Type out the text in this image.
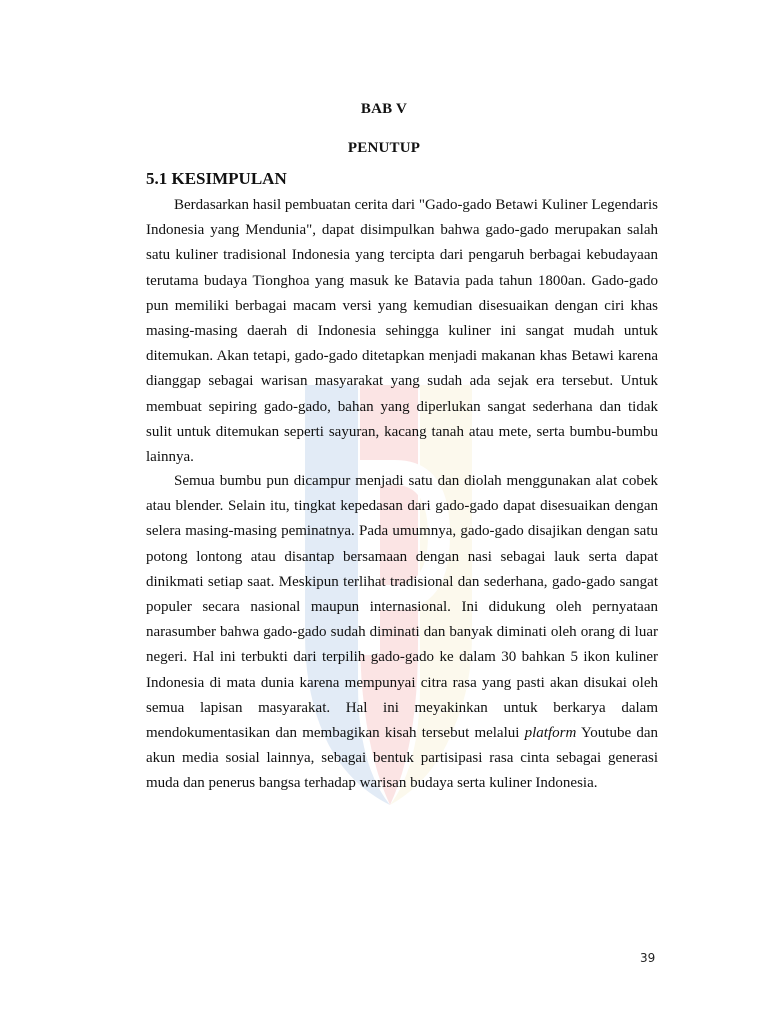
BAB V
PENUTUP
5.1 KESIMPULAN

Berdasarkan hasil pembuatan cerita dari "Gado-gado Betawi Kuliner Legendaris Indonesia yang Mendunia", dapat disimpulkan bahwa gado-gado merupakan salah satu kuliner tradisional Indonesia yang tercipta dari pengaruh berbagai kebudayaan terutama budaya Tionghoa yang masuk ke Batavia pada tahun 1800an. Gado-gado pun memiliki berbagai macam versi yang kemudian disesuaikan dengan ciri khas masing-masing daerah di Indonesia sehingga kuliner ini sangat mudah untuk ditemukan. Akan tetapi, gado-gado ditetapkan menjadi makanan khas Betawi karena dianggap sebagai warisan masyarakat yang sudah ada sejak era tersebut. Untuk membuat sepiring gado-gado, bahan yang diperlukan sangat sederhana dan tidak sulit untuk ditemukan seperti sayuran, kacang tanah atau mete, serta bumbu-bumbu lainnya.

Semua bumbu pun dicampur menjadi satu dan diolah menggunakan alat cobek atau blender. Selain itu, tingkat kepedasan dari gado-gado dapat disesuaikan dengan selera masing-masing peminatnya. Pada umumnya, gado-gado disajikan dengan satu potong lontong atau disantap bersamaan dengan nasi sebagai lauk serta dapat dinikmati setiap saat. Meskipun terlihat tradisional dan sederhana, gado-gado sangat populer secara nasional maupun internasional. Ini didukung oleh pernyataan narasumber bahwa gado-gado sudah diminati dan banyak diminati oleh orang di luar negeri. Hal ini terbukti dari terpilih gado-gado ke dalam 30 bahkan 5 ikon kuliner Indonesia di mata dunia karena mempunyai citra rasa yang pasti akan disukai oleh semua lapisan masyarakat. Hal ini meyakinkan untuk berkarya dalam mendokumentasikan dan membagikan kisah tersebut melalui platform Youtube dan akun media sosial lainnya, sebagai bentuk partisipasi rasa cinta sebagai generasi muda dan penerus bangsa terhadap warisan budaya serta kuliner Indonesia.

39
